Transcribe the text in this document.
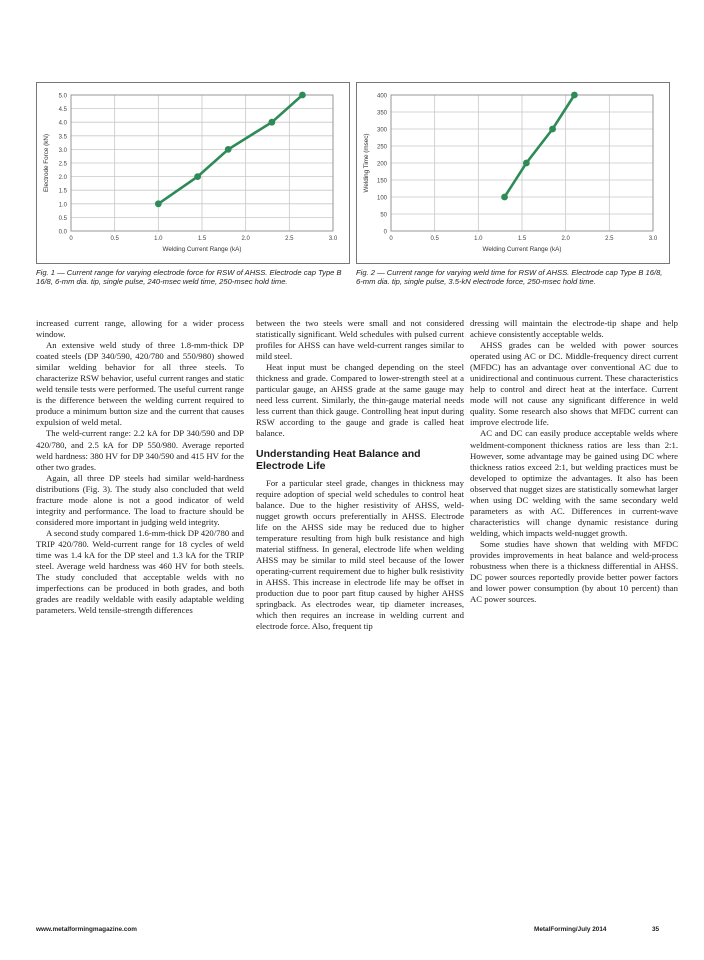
0.0
0.5
1.0
1.5
2.0
2.5
3.0
3.5
4.0
4.5
5.0
0	0.5	1.0	1.5	2.0	2.5	3.0
Welding Current Range (kA)
Electrode Force (kN)
Fig. 1 — Current range for varying electrode force for RSW of AHSS. Electrode cap Type B 16/8, 6-mm dia. tip, single pulse, 240-msec weld time, 250-msec hold time.
0
50
100
150
200
250
300
350
400
0	0.5	1.0	1.5	2.0	2.5	3.0
Welding Current Range (kA)
Welding Time (msec)
Fig. 2 — Current range for varying weld time for RSW of AHSS. Electrode cap Type B 16/8, 6-mm dia. tip, single pulse, 3.5-kN electrode force, 250-msec hold time.

increased current range, allowing for a wider process window.

An extensive weld study of three 1.8-mm-thick DP coated steels (DP 340/590, 420/780 and 550/980) showed similar welding behavior for all three steels. To characterize RSW behavior, useful current ranges and static weld tensile tests were performed. The useful current range is the difference between the welding current required to produce a minimum button size and the current that causes expulsion of weld metal.

The weld-current range: 2.2 kA for DP 340/590 and DP 420/780, and 2.5 kA for DP 550/980. Average reported weld hardness: 380 HV for DP 340/590 and 415 HV for the other two grades.

Again, all three DP steels had similar weld-hardness distributions (Fig. 3). The study also concluded that weld fracture mode alone is not a good indicator of weld integrity and performance. The load to fracture should be considered more important in judging weld integrity.

A second study compared 1.6-mm-thick DP 420/780 and TRIP 420/780. Weld-current range for 18 cycles of weld time was 1.4 kA for the DP steel and 1.3 kA for the TRIP steel. Average weld hardness was 460 HV for both steels. The study concluded that acceptable welds with no imperfections can be produced in both grades, and both grades are readily weldable with easily adaptable welding parameters. Weld tensile-strength differences

between the two steels were small and not considered statistically significant. Weld schedules with pulsed current profiles for AHSS can have weld-current ranges similar to mild steel.

Heat input must be changed depending on the steel thickness and grade. Compared to lower-strength steel at a particular gauge, an AHSS grade at the same gauge may need less current. Similarly, the thin-gauge material needs less current than thick gauge. Controlling heat input during RSW according to the gauge and grade is called heat balance.

Understanding Heat Balance and Electrode Life

For a particular steel grade, changes in thickness may require adoption of special weld schedules to control heat balance. Due to the higher resistivity of AHSS, weld-nugget growth occurs preferentially in AHSS. Electrode life on the AHSS side may be reduced due to higher temperature resulting from high bulk resistance and high material stiffness. In general, electrode life when welding AHSS may be similar to mild steel because of the lower operating-current requirement due to higher bulk resistivity in AHSS. This increase in electrode life may be offset in production due to poor part fitup caused by higher AHSS springback. As electrodes wear, tip diameter increases, which then requires an increase in welding current and electrode force. Also, frequent tip

dressing will maintain the electrode-tip shape and help achieve consistently acceptable welds.

AHSS grades can be welded with power sources operated using AC or DC. Middle-frequency direct current (MFDC) has an advantage over conventional AC due to unidirectional and continuous current. These characteristics help to control and direct heat at the interface. Current mode will not cause any significant difference in weld quality. Some research also shows that MFDC current can improve electrode life.

AC and DC can easily produce acceptable welds where weldment-component thickness ratios are less than 2:1. However, some advantage may be gained using DC where thickness ratios exceed 2:1, but welding practices must be developed to optimize the advantages. It also has been observed that nugget sizes are statistically somewhat larger when using DC welding with the same secondary weld parameters as with AC. Differences in current-wave characteristics will change dynamic resistance during welding, which impacts weld-nugget growth.

Some studies have shown that welding with MFDC provides improvements in heat balance and weld-process robustness when there is a thickness differential in AHSS. DC power sources reportedly provide better power factors and lower power consumption (by about 10 percent) than AC power sources.

www.metalformingmagazine.com	MetalForming/July 2014	35
